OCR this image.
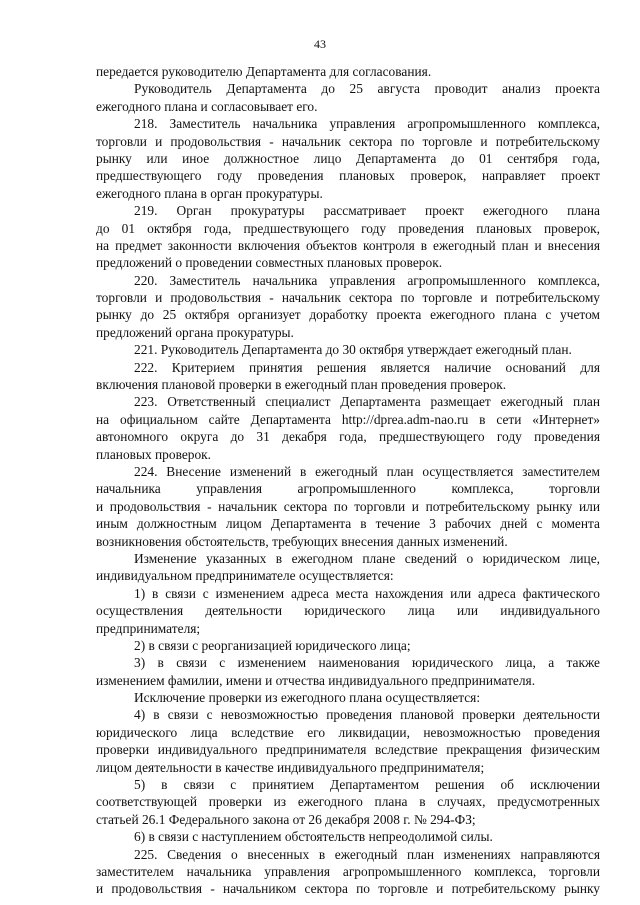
43
передается руководителю Департамента для согласования.
Руководитель Департамента до 25 августа проводит анализ проекта
ежегодного плана и согласовывает его.
218. Заместитель начальника управления агропромышленного комплекса,
торговли и продовольствия - начальник сектора по торговле и потребительскому
рынку или иное должностное лицо Департамента до 01 сентября года,
предшествующего году проведения плановых проверок, направляет проект
ежегодного плана в орган прокуратуры.
219. Орган прокуратуры рассматривает проект ежегодного плана
до 01 октября года, предшествующего году проведения плановых проверок,
на предмет законности включения объектов контроля в ежегодный план и внесения
предложений о проведении совместных плановых проверок.
220. Заместитель начальника управления агропромышленного комплекса,
торговли и продовольствия - начальник сектора по торговле и потребительскому
рынку до 25 октября организует доработку проекта ежегодного плана с учетом
предложений органа прокуратуры.
221. Руководитель Департамента до 30 октября утверждает ежегодный план.
222. Критерием принятия решения является наличие оснований для
включения плановой проверки в ежегодный план проведения проверок.
223. Ответственный специалист Департамента размещает ежегодный план
на официальном сайте Департамента http://dprea.adm-nao.ru в сети «Интернет»
автономного округа до 31 декабря года, предшествующего году проведения
плановых проверок.
224. Внесение изменений в ежегодный план осуществляется заместителем
начальника управления агропромышленного комплекса, торговли
и продовольствия - начальник сектора по торговли и потребительскому рынку или
иным должностным лицом Департамента в течение 3 рабочих дней с момента
возникновения обстоятельств, требующих внесения данных изменений.
Изменение указанных в ежегодном плане сведений о юридическом лице,
индивидуальном предпринимателе осуществляется:
1) в связи с изменением адреса места нахождения или адреса фактического
осуществления деятельности юридического лица или индивидуального
предпринимателя;
2) в связи с реорганизацией юридического лица;
3) в связи с изменением наименования юридического лица, а также
изменением фамилии, имени и отчества индивидуального предпринимателя.
Исключение проверки из ежегодного плана осуществляется:
4) в связи с невозможностью проведения плановой проверки деятельности
юридического лица вследствие его ликвидации, невозможностью проведения
проверки индивидуального предпринимателя вследствие прекращения физическим
лицом деятельности в качестве индивидуального предпринимателя;
5) в связи с принятием Департаментом решения об исключении
соответствующей проверки из ежегодного плана в случаях, предусмотренных
статьей 26.1 Федерального закона от 26 декабря 2008 г. № 294-ФЗ;
6) в связи с наступлением обстоятельств непреодолимой силы.
225. Сведения о внесенных в ежегодный план изменениях направляются
заместителем начальника управления агропромышленного комплекса, торговли
и продовольствия - начальником сектора по торговле и потребительскому рынку
